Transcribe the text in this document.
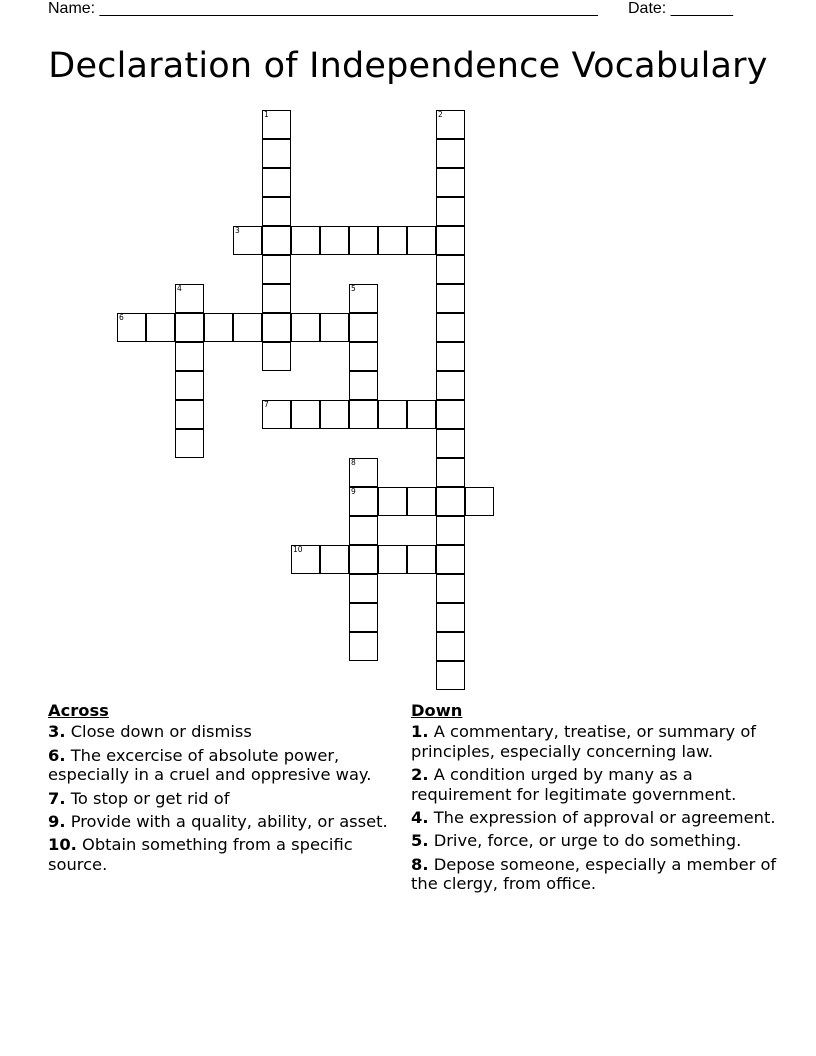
Name: ________________________________________________________ Date: _______
Declaration of Independence Vocabulary
1	2
3
4	5
6
7
8
9
10
Across
3. Close down or dismiss
6. The excercise of absolute power, especially in a cruel and oppresive way.
7. To stop or get rid of
9. Provide with a quality, ability, or asset.
10. Obtain something from a specific source.
Down
1. A commentary, treatise, or summary of principles, especially concerning law.
2. A condition urged by many as a requirement for legitimate government.
4. The expression of approval or agreement.
5. Drive, force, or urge to do something.
8. Depose someone, especially a member of the clergy, from office.
